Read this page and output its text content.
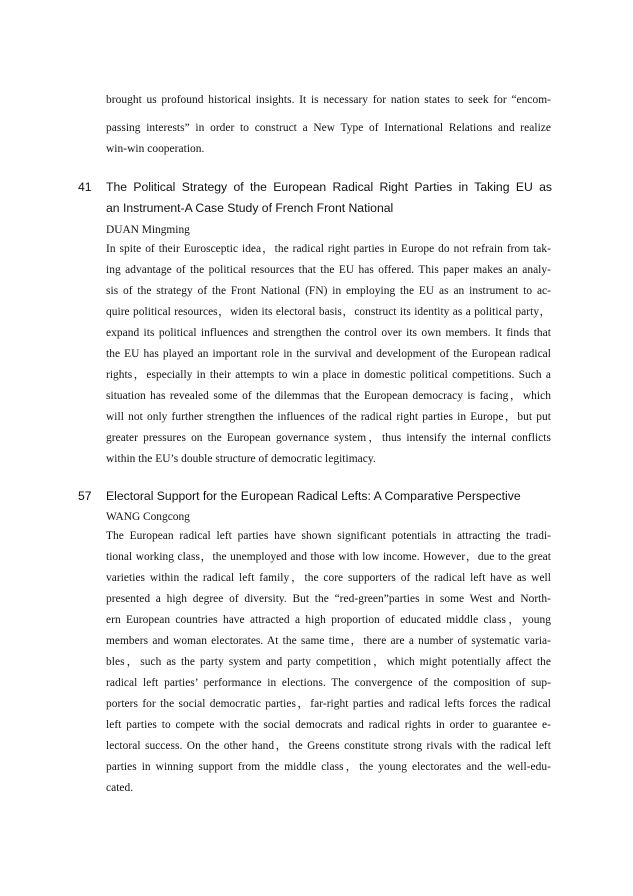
brought us profound historical insights. It is necessary for nation states to seek for “encom-
passing interests” in order to construct a New Type of International Relations and realize
win-win cooperation.
41 The Political Strategy of the European Radical Right Parties in Taking EU as
an Instrument-A Case Study of French Front National
DUAN Mingming
In spite of their Eurosceptic idea，the radical right parties in Europe do not refrain from tak-
ing advantage of the political resources that the EU has offered. This paper makes an analy-
sis of the strategy of the Front National (FN) in employing the EU as an instrument to ac-
quire political resources，widen its electoral basis，construct its identity as a political party，
expand its political influences and strengthen the control over its own members. It finds that
the EU has played an important role in the survival and development of the European radical
rights，especially in their attempts to win a place in domestic political competitions. Such a
situation has revealed some of the dilemmas that the European democracy is facing，which
will not only further strengthen the influences of the radical right parties in Europe，but put
greater pressures on the European governance system，thus intensify the internal conflicts
within the EU’s double structure of democratic legitimacy.
57 Electoral Support for the European Radical Lefts: A Comparative Perspective
WANG Congcong
The European radical left parties have shown significant potentials in attracting the tradi-
tional working class，the unemployed and those with low income. However，due to the great
varieties within the radical left family，the core supporters of the radical left have as well
presented a high degree of diversity. But the “red-green”parties in some West and North-
ern European countries have attracted a high proportion of educated middle class，young
members and woman electorates. At the same time，there are a number of systematic varia-
bles，such as the party system and party competition，which might potentially affect the
radical left parties’ performance in elections. The convergence of the composition of sup-
porters for the social democratic parties，far-right parties and radical lefts forces the radical
left parties to compete with the social democrats and radical rights in order to guarantee e-
lectoral success. On the other hand，the Greens constitute strong rivals with the radical left
parties in winning support from the middle class，the young electorates and the well-edu-
cated.
